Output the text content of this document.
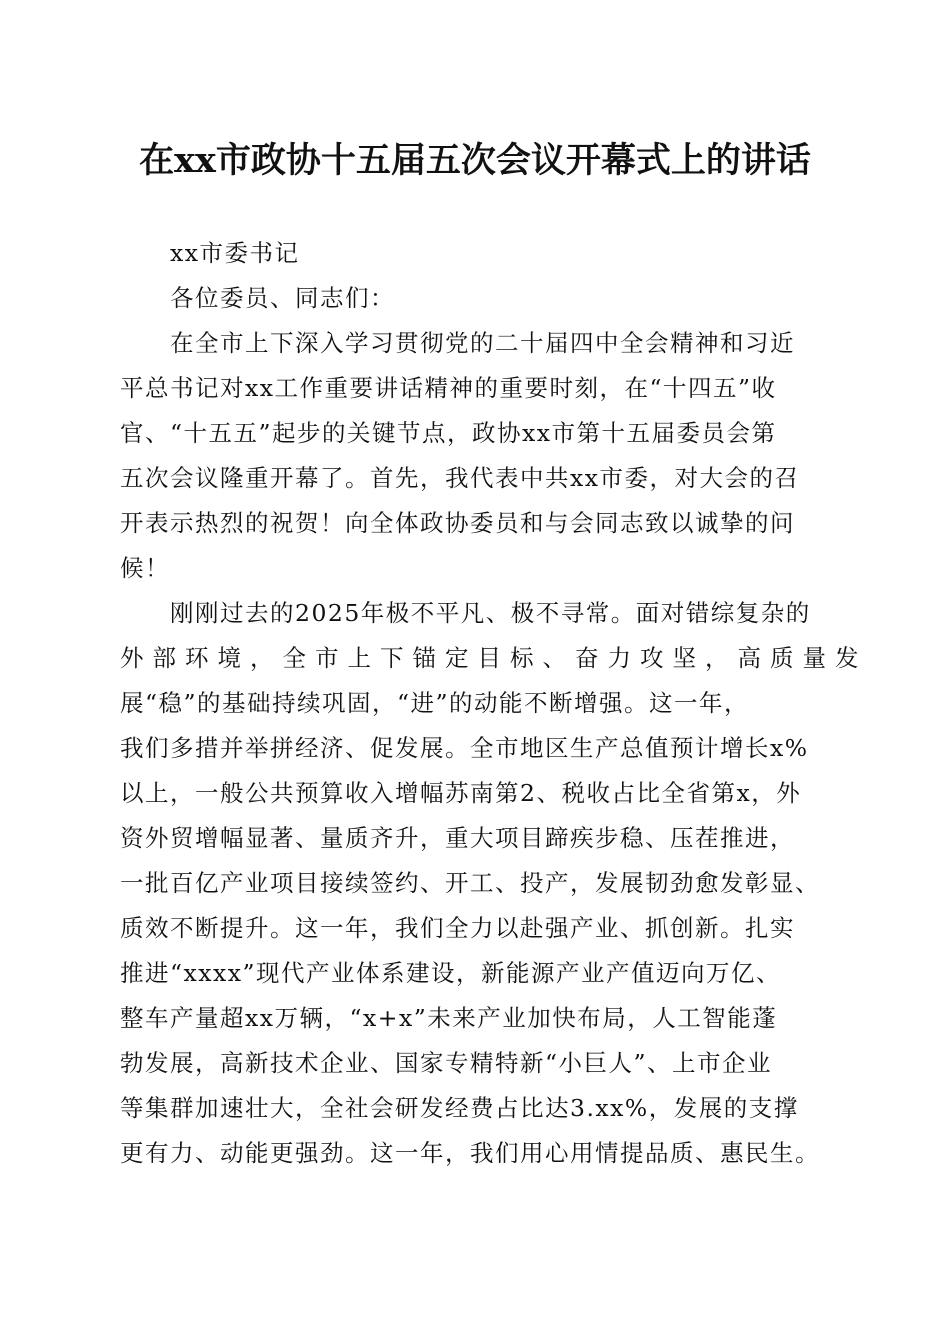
在xx市政协十五届五次会议开幕式上的讲话
xx市委书记
各位委员、同志们：
在全市上下深入学习贯彻党的二十届四中全会精神和习近
平总书记对xx工作重要讲话精神的重要时刻，在“十四五”收
官、“十五五”起步的关键节点，政协xx市第十五届委员会第
五次会议隆重开幕了。首先，我代表中共xx市委，对大会的召
开表示热烈的祝贺！向全体政协委员和与会同志致以诚挚的问
候！
刚刚过去的2025年极不平凡、极不寻常。面对错综复杂的
外部环境，全市上下锚定目标、奋力攻坚，高质量发
展“稳”的基础持续巩固，“进”的动能不断增强。这一年，
我们多措并举拼经济、促发展。全市地区生产总值预计增长x%
以上，一般公共预算收入增幅苏南第2、税收占比全省第x，外
资外贸增幅显著、量质齐升，重大项目蹄疾步稳、压茬推进，
一批百亿产业项目接续签约、开工、投产，发展韧劲愈发彰显、
质效不断提升。这一年，我们全力以赴强产业、抓创新。扎实
推进“xxxx”现代产业体系建设，新能源产业产值迈向万亿、
整车产量超xx万辆，“x+x”未来产业加快布局，人工智能蓬
勃发展，高新技术企业、国家专精特新“小巨人”、上市企业
等集群加速壮大，全社会研发经费占比达3.xx%，发展的支撑
更有力、动能更强劲。这一年，我们用心用情提品质、惠民生。
